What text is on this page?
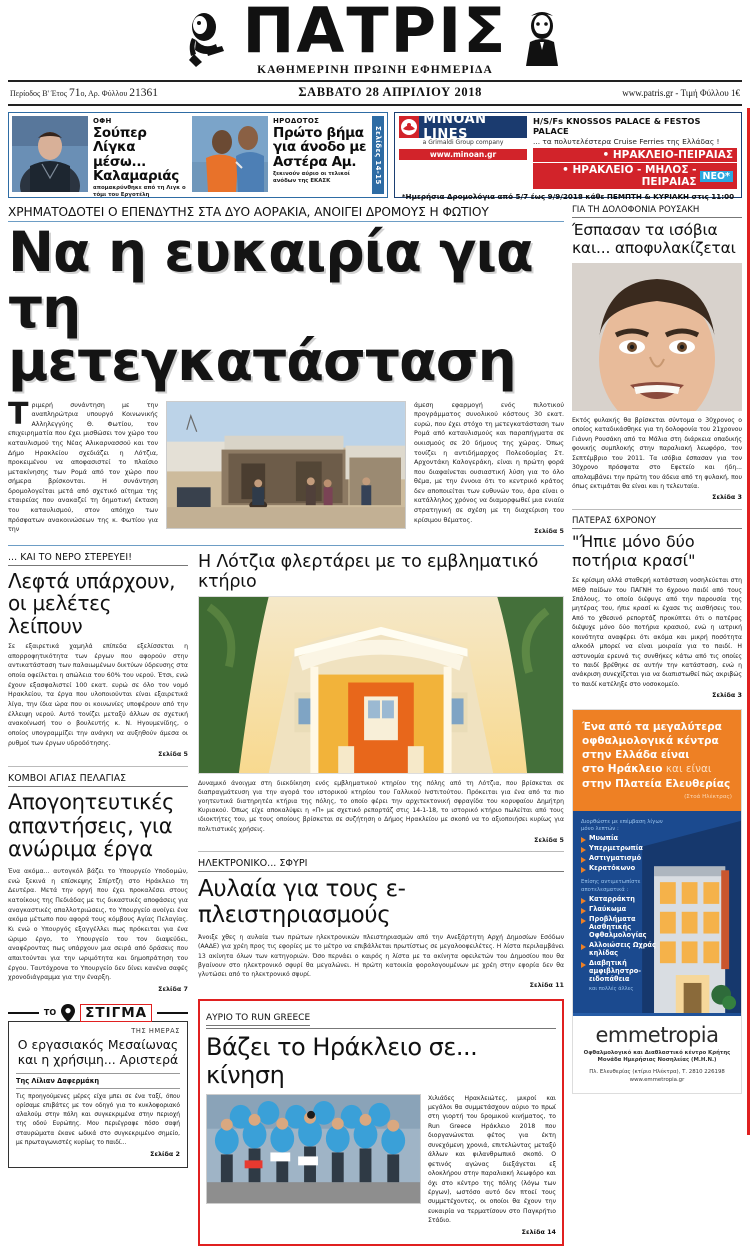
ΠΑΤΡΙΣ
ΚΑΘΗΜΕΡΙΝΗ ΠΡΩΙΝΗ ΕΦΗΜΕΡΙΔΑ
Περίοδος Β' Έτος 71ο, Αρ. Φύλλου 21361	ΣΑΒΒΑΤΟ 28 ΑΠΡΙΛΙΟΥ 2018	www.patris.gr - Τιμή Φύλλου 1€
ΟΦΗ
Σούπερ Λίγκα μέσω... Καλαμαριάς
απομακρύνθηκε από τη Λιγκ ο τόμι του Εργοτέλη
ΗΡΟΔΟΤΟΣ
Πρώτο βήμα για άνοδο με Αστέρα Αμ.
ξεκινούν αύριο οι τελικοί ανόδων της ΕΚΑΣΚ	Σελίδες 14-15
MINOAN LINES
a Grimaldi Group company
www.minoan.gr
H/S/Fs KNOSSOS PALACE & FESTOS PALACE
... τα πολυτελέστερα Cruise Ferries της Ελλάδας !
• ΗΡΑΚΛΕΙΟ-ΠΕΙΡΑΙΑΣ
• ΗΡΑΚΛΕΙΟ - ΜΗΛΟΣ - ΠΕΙΡΑΙΑΣ ΝΕΟ*
*Ημερήσια Δρομολόγια από 5/7 έως 9/9/2018 κάθε ΠΕΜΠΤΗ & ΚΥΡΙΑΚΗ στις 11:00
ΧΡΗΜΑΤΟΔΟΤΕΙ Ο ΕΠΕΝΔΥΤΗΣ ΣΤΑ ΔΥΟ ΑΟΡΑΚΙΑ, ΑΝΟΙΓΕΙ ΔΡΟΜΟΥΣ Η ΦΩΤΙΟΥ
Να η ευκαιρία για
τη μετεγκατάσταση
Τριμερή συνάντηση με την αναπληρώτρια υπουργό Κοινωνικής Αλληλεγγύης Θ. Φωτίου, τον επιχειρηματία που έχει μισθώσει τον χώρο του καταυλισμού της Νέας Αλικαρνασσού και τον Δήμο Ηρακλείου σχεδιάζει η Λότζια, προκειμένου να αποφασιστεί το πλαίσιο μετακίνησης των Ρομά από τον χώρο που σήμερα βρίσκονται. Η συνάντηση δρομολογείται μετά από σχετικό αίτημα της εταιρείας που ανακαζεί τη δημοτική έκταση του καταυλισμού, στον απόηχο των πρόσφατων ανακοινώσεων της κ. Φωτίου για την

άμεση εφαρμογή ενός πιλοτικού προγράμματος συνολικού κόστους 30 εκατ. ευρώ, που έχει στόχο τη μετεγκατάσταση των Ρομά από καταυλισμούς και παραπήγματα σε οικισμούς σε 20 δήμους της χώρας. Όπως τονίζει η αντιδήμαρχος Πολεοδομίας Στ. Αρχοντάκη Καλογεράκη, είναι η πρώτη φορά που διαφαίνεται ουσιαστική λύση για το όλο θέμα, με την έννοια ότι το κεντρικό κράτος δεν αποποιείται των ευθυνών του, άρα είναι ο κατάλληλος χρόνος να διαμορφωθεί μια ενιαία στρατηγική σε σχέση με τη διαχείριση του κρίσιμου θέματος.

Σελίδα 5
... ΚΑΙ ΤΟ ΝΕΡΟ ΣΤΕΡΕΥΕΙ!
Λεφτά υπάρχουν, οι μελέτες λείπουν
Σε εξαιρετικά χαμηλά επίπεδα εξελίσσεται η απορροφητικότητα των έργων που αφορούν στην αντικατάσταση των παλαιωμένων δικτύων ύδρευσης στα οποία οφείλεται η απώλεια του 60% του νερού. Έτσι, ενώ έχουν εξασφαλιστεί 100 εκατ. ευρώ σε όλο τον νομό Ηρακλείου, τα έργα που υλοποιούνται είναι εξαιρετικά λίγα, την ίδια ώρα που οι κοινωνίες υποφέρουν από την έλλειψη νερού. Αυτό τονίζει μεταξύ άλλων σε σχετική ανακοίνωσή του ο βουλευτής κ. Ν. Ηγουμενίδης, ο οποίος υπογραμμίζει την ανάγκη να αυξηθούν άμεσα οι ρυθμοί των έργων υδροδότησης.
Σελίδα 5
ΚΟΜΒΟΙ ΑΓΙΑΣ ΠΕΛΑΓΙΑΣ
Απογοητευτικές απαντήσεις, για ανώριμα έργα
Ένα ακόμα... αυτογκόλ βάζει το Υπουργείο Υποδομών, ενώ ξεκινά η επίσκεψης Σπίρτζη στο Ηράκλειο τη Δευτέρα. Μετά την οργή που έχει προκαλέσει στους κατοίκους της Πεδιάδας με τις δικαστικές αποφάσεις για αναγκαστικές απαλλοτριώσεις, το Υπουργείο ανοίγει ένα ακόμα μέτωπο που αφορά τους κόμβους Αγίας Πελαγίας. Κι ενώ ο Υπουργός εξαγγέλλει πως πρόκειται για ένα ώριμο έργο, το Υπουργείο του τον διαψεύδει, αναφέροντας πως υπάρχουν μια σειρά από δράσεις που απαιτούνται για την ωριμότητα και δημοπράτηση του έργου. Ταυτόχρονα το Υπουργείο δεν δίνει κανένα σαφές χρονοδιάγραμμα για την έναρξη.
Σελίδα 7
ΤΟ	ΣΤΙΓΜΑ
ΤΗΣ ΗΜΕΡΑΣ
Ο εργασιακός Μεσαίωνας και η χρήσιμη... Αριστερά
Της Λίλιαν Δαφερμάκη
Τις προηγούμενες μέρες είχα μπει σε ένα ταξί, όπου ορίσαμε επιβάτες με τον οδηγό για το κυκλοφοριακό αλαλούμ στην πόλη και συγκεκριμένα στην περιοχή της οδού Ευρώπης. Μου περιέγραφε πόσο σαφή σταυρώματα έκανε ωδικά στο συγκεκριμένο σημείο, με πρωταγωνιστές κυρίως το παιδί...
Σελίδα 2
Η Λότζια φλερτάρει με το εμβληματικό κτήριο
Δυναμικό άνοιγμα στη διεκδίκηση ενός εμβληματικού κτηρίου της πόλης από τη Λότζια, που βρίσκεται σε διαπραγμάτευση για την αγορά του ιστορικού κτηρίου του Γαλλικού Ινστιτούτου. Πρόκειται για ένα από τα πιο γοητευτικά διατηρητέα κτήρια της πόλης, το οποίο φέρει την αρχιτεκτονική σφραγίδα του κορυφαίου Δημήτρη Κυριακού. Όπως είχε αποκαλύψει η «Π» με σχετικό ρεπορτάζ στις 14-1-18, το ιστορικό κτήριο πωλείται από τους ιδιοκτήτες του, με τους οποίους βρίσκεται σε συζήτηση ο Δήμος Ηρακλείου με σκοπό να το αξιοποιήσει κυρίως για πολιτιστικές χρήσεις.
Σελίδα 5
ΗΛΕΚΤΡΟΝΙΚΟ... ΣΦΥΡΙ
Αυλαία για τους ε-πλειστηριασμούς
Άνοιξε χθες η αυλαία των πρώτων ηλεκτρονικών πλειστηριασμών από την Ανεξάρτητη Αρχή Δημοσίων Εσόδων (ΑΑΔΕ) για χρέη προς τις εφορίες με το μέτρο να επιβάλλεται πρωτίστως σε μεγαλοοφειλέτες. Η λίστα περιλαμβάνει 13 ακίνητα όλων των κατηγοριών. Όσο περνάει ο καιρός η λίστα με τα ακίνητα οφειλετών του Δημοσίου που θα βγαίνουν στο ηλεκτρονικό σφυρί θα μεγαλώνει. Η πρώτη κατοικία φορολογουμένων με χρέη στην εφορία δεν θα γλυτώσει από το ηλεκτρονικό σφυρί.
Σελίδα 11
ΑΥΡΙΟ ΤΟ RUN GREECE
Βάζει το Ηράκλειο σε... κίνηση
Χιλιάδες Ηρακλειώτες, μικροί και μεγάλοι θα συμμετάσχουν αύριο το πρωί στη γιορτή του δρομικού κινήματος, το Run Greece Ηράκλειο 2018 που διοργανώνεται φέτος για έκτη συνεχόμενη χρονιά, επιτελώντας μεταξύ άλλων και φιλανθρωπικό σκοπό. Ο φετινός αγώνας διεξάγεται εξ ολοκλήρου στην παραλιακή λεωφόρο και όχι στο κέντρο της πόλης (λόγω των έργων), ωστόσο αυτό δεν πτοεί τους συμμετέχοντες, οι οποίοι θα έχουν την ευκαιρία να τερματίσουν στο Παγκρήτιο Στάδιο.
Σελίδα 14
ΓΙΑ ΤΗ ΔΟΛΟΦΟΝΙΑ ΡΟΥΣΑΚΗ
Έσπασαν τα ισόβια και... αποφυλακίζεται
Εκτός φυλακής θα βρίσκεται σύντομα ο 30χρονος ο οποίος καταδικάσθηκε για τη δολοφονία του 21χρονου Γιάννη Ρουσάκη από τα Μάλια στη διάρκεια οπαδικής φονικής συμπλοκής στην παραλιακή λεωφόρο, τον Σεπτέμβριο του 2011. Τα ισόβια έσπασαν για τον 30χρονο πρόσφατα στο Εφετείο και ήδη... απολαμβάνει την πρώτη του άδεια από τη φυλακή, που όπως εκτιμάται θα είναι και η τελευταία.
Σελίδα 3
ΠΑΤΕΡΑΣ 6ΧΡΟΝΟΥ
"Ήπιε μόνο δύο ποτήρια κρασί"
Σε κρίσιμη αλλά σταθερή κατάσταση νοσηλεύεται στη ΜΕΘ παίδων του ΠΑΓΝΗ το 6χρονο παιδί από τους Σπάλους, το οποίο διέφυγε από την παρουσία της μητέρας του, ήπιε κρασί κι έχασε τις αισθήσεις του. Από το χθεσινό ρεπορτάζ προκύπτει ότι ο πατέρας διέψυχε μόνο δύο ποτήρια κρασιού, ενώ η ιατρική κοινότητα αναφέρει ότι ακόμα και μικρή ποσότητα αλκοόλ μπορεί να είναι μοιραία για το παιδί. Η αστυνομία ερευνά τις συνθήκες κάτω από τις οποίες το παιδί βρέθηκε σε αυτήν την κατάσταση, ενώ η ανάκριση συνεχίζεται για να διαπιστωθεί πώς ακριβώς το παιδί κατέληξε στο νοσοκομείο.
Σελίδα 3
Ένα από τα μεγαλύτερα
οφθαλμολογικά κέντρα
στην Ελλάδα είναι
στο Ηράκλειο και είναι
στην Πλατεία Ελευθερίας
(Στοά Ηλέκτρας)
Διορθώστε με επέμβαση λίγων μόνο λεπτών :
Μυωπία
Υπερμετρωπία
Αστιγματισμό
Κερατόκωνο
Επίσης αντιμετωπίστε αποτελεσματικά :
Καταρράκτη
Γλαύκωμα
Προβλήματα Αισθητικής Οφθαλμολογίας
Αλλοιώσεις Ωχράς κηλίδας
Διαβητική αμφιβληστρο-ειδοπάθεια
και πολλές άλλες
emmetropia
Οφθαλμολογικό και Διαθλαστικό κέντρο Κρήτης Μονάδα Ημερήσιας Νοσηλείας (Μ.Η.Ν.)
Πλ. Ελευθερίας (κτίριο Ηλέκτρα), Τ. 2810 226198 www.emmetropia.gr
